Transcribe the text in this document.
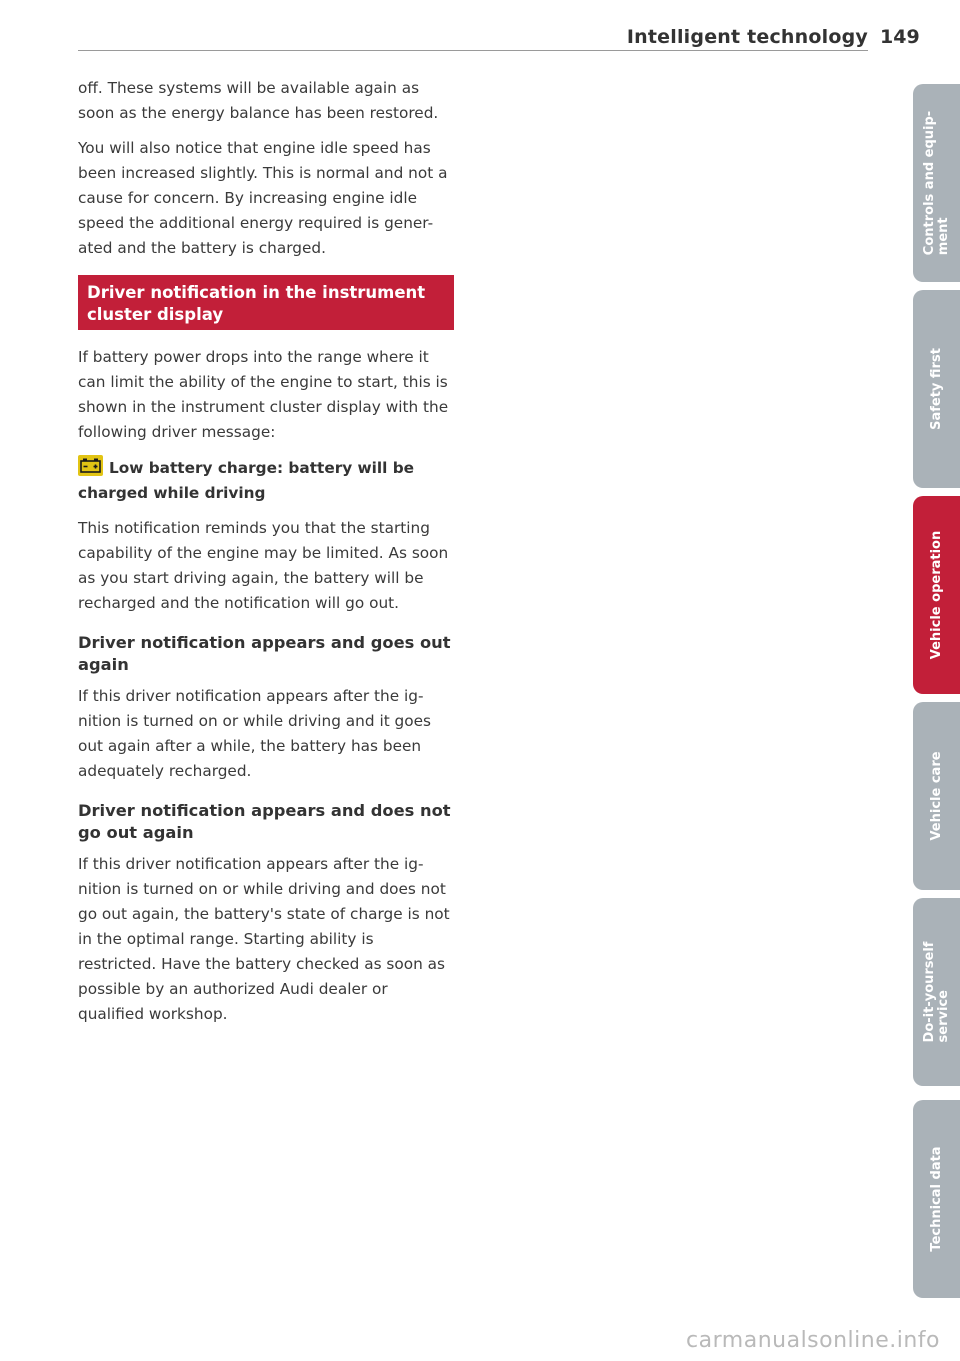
Intelligent technology 149

off. These systems will be available again as soon as the energy balance has been restored.

You will also notice that engine idle speed has been increased slightly. This is normal and not a cause for concern. By increasing engine idle speed the additional energy required is gener-ated and the battery is charged.

Driver notification in the instrument cluster display

If battery power drops into the range where it can limit the ability of the engine to start, this is shown in the instrument cluster display with the following driver message:

Low battery charge: battery will be charged while driving

This notification reminds you that the starting capability of the engine may be limited. As soon as you start driving again, the battery will be recharged and the notification will go out.

Driver notification appears and goes out again

If this driver notification appears after the ig-nition is turned on or while driving and it goes out again after a while, the battery has been adequately recharged.

Driver notification appears and does not go out again

If this driver notification appears after the ig-nition is turned on or while driving and does not go out again, the battery's state of charge is not in the optimal range. Starting ability is restricted. Have the battery checked as soon as possible by an authorized Audi dealer or qualified workshop.

Controls and equip-
ment
Safety first
Vehicle operation
Vehicle care
Do-it-yourself
service
Technical data
carmanualsonline.info
